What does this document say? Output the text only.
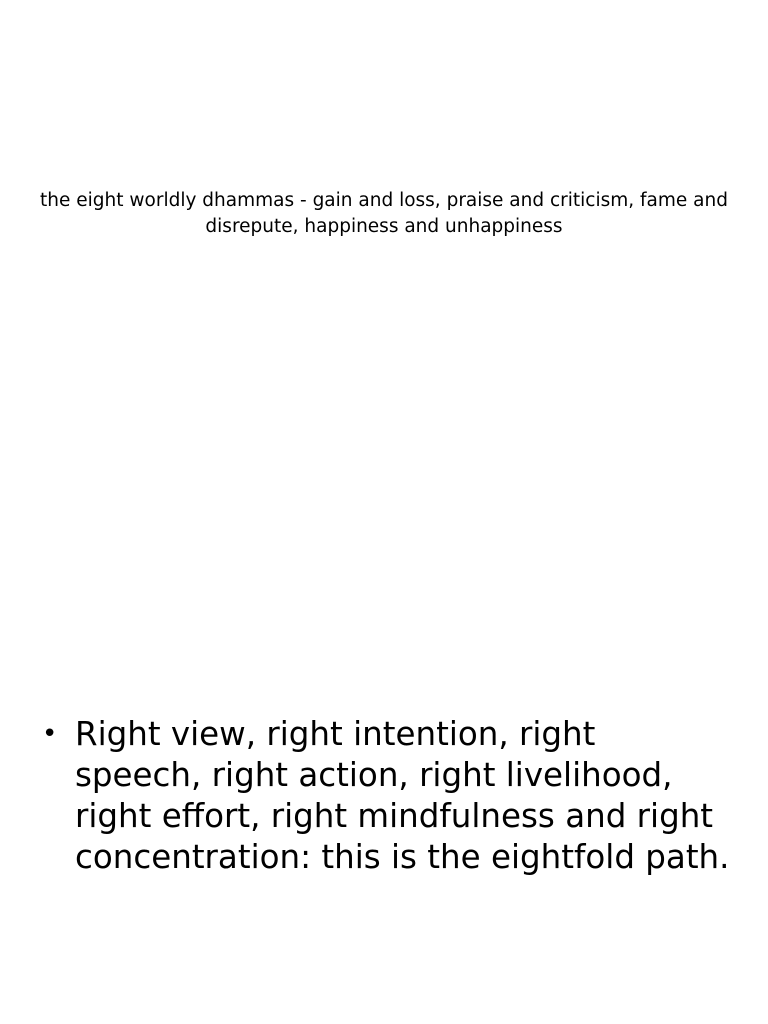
the eight worldly dhammas - gain and loss, praise and criticism, fame and disrepute, happiness and unhappiness
• Right view, right intention, right speech, right action, right livelihood, right effort, right mindfulness and right concentration: this is the eightfold path.
